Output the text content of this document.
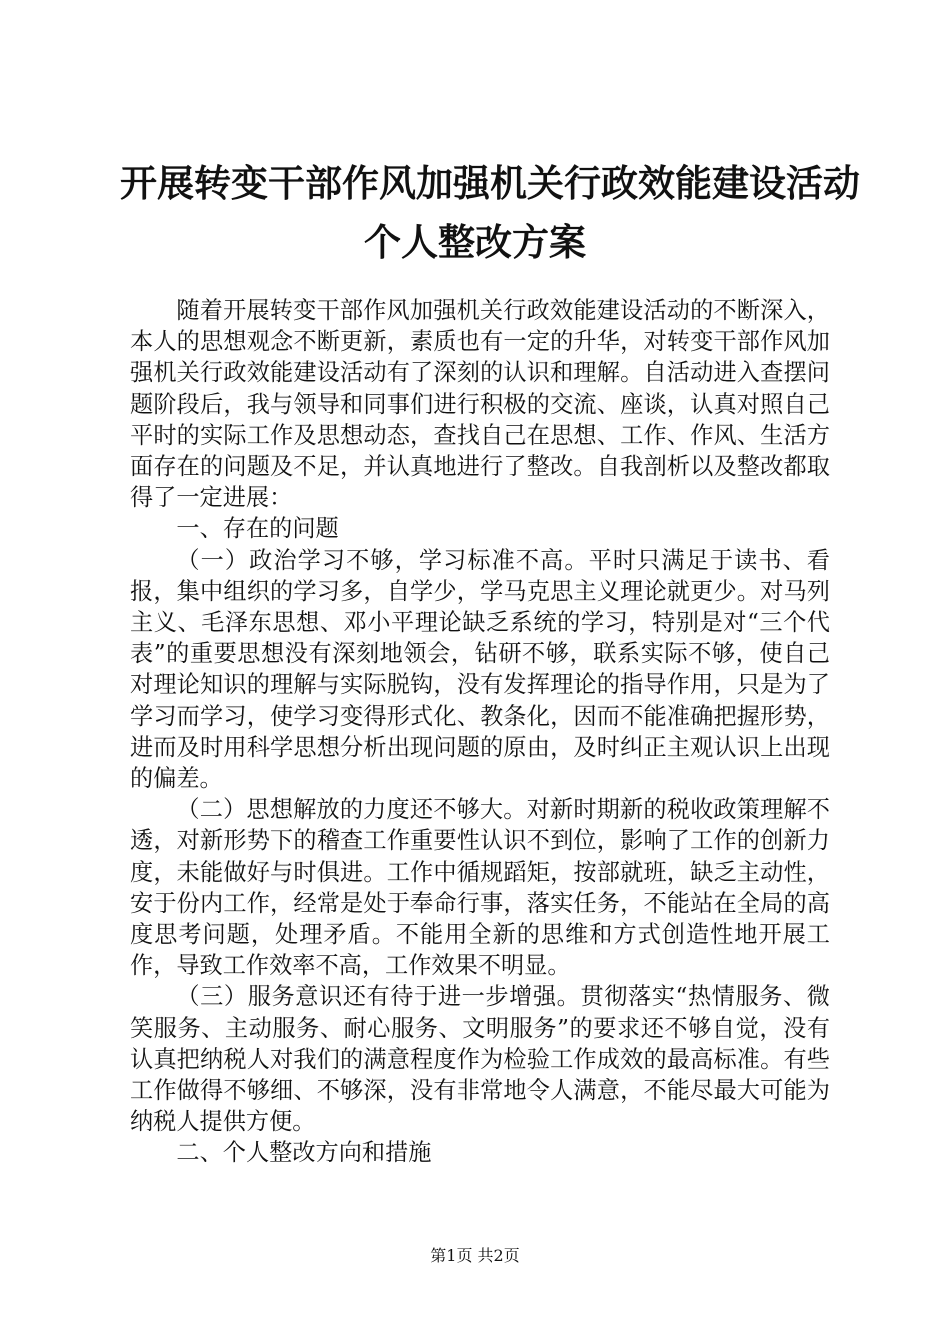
开展转变干部作风加强机关行政效能建设活动
个人整改方案

随着开展转变干部作风加强机关行政效能建设活动的不断深入，本人的思想观念不断更新，素质也有一定的升华，对转变干部作风加强机关行政效能建设活动有了深刻的认识和理解。自活动进入查摆问题阶段后，我与领导和同事们进行积极的交流、座谈，认真对照自己平时的实际工作及思想动态，查找自己在思想、工作、作风、生活方面存在的问题及不足，并认真地进行了整改。自我剖析以及整改都取得了一定进展：

一、存在的问题

（一）政治学习不够，学习标准不高。平时只满足于读书、看报，集中组织的学习多，自学少，学马克思主义理论就更少。对马列主义、毛泽东思想、邓小平理论缺乏系统的学习，特别是对“三个代表”的重要思想没有深刻地领会，钻研不够，联系实际不够，使自己对理论知识的理解与实际脱钩，没有发挥理论的指导作用，只是为了学习而学习，使学习变得形式化、教条化，因而不能准确把握形势，进而及时用科学思想分析出现问题的原由，及时纠正主观认识上出现的偏差。

（二）思想解放的力度还不够大。对新时期新的税收政策理解不透，对新形势下的稽查工作重要性认识不到位，影响了工作的创新力度，未能做好与时俱进。工作中循规蹈矩，按部就班，缺乏主动性，安于份内工作，经常是处于奉命行事，落实任务，不能站在全局的高度思考问题，处理矛盾。不能用全新的思维和方式创造性地开展工作，导致工作效率不高，工作效果不明显。

（三）服务意识还有待于进一步增强。贯彻落实“热情服务、微笑服务、主动服务、耐心服务、文明服务”的要求还不够自觉，没有认真把纳税人对我们的满意程度作为检验工作成效的最高标准。有些工作做得不够细、不够深，没有非常地令人满意，不能尽最大可能为纳税人提供方便。

二、个人整改方向和措施

第1页 共2页
